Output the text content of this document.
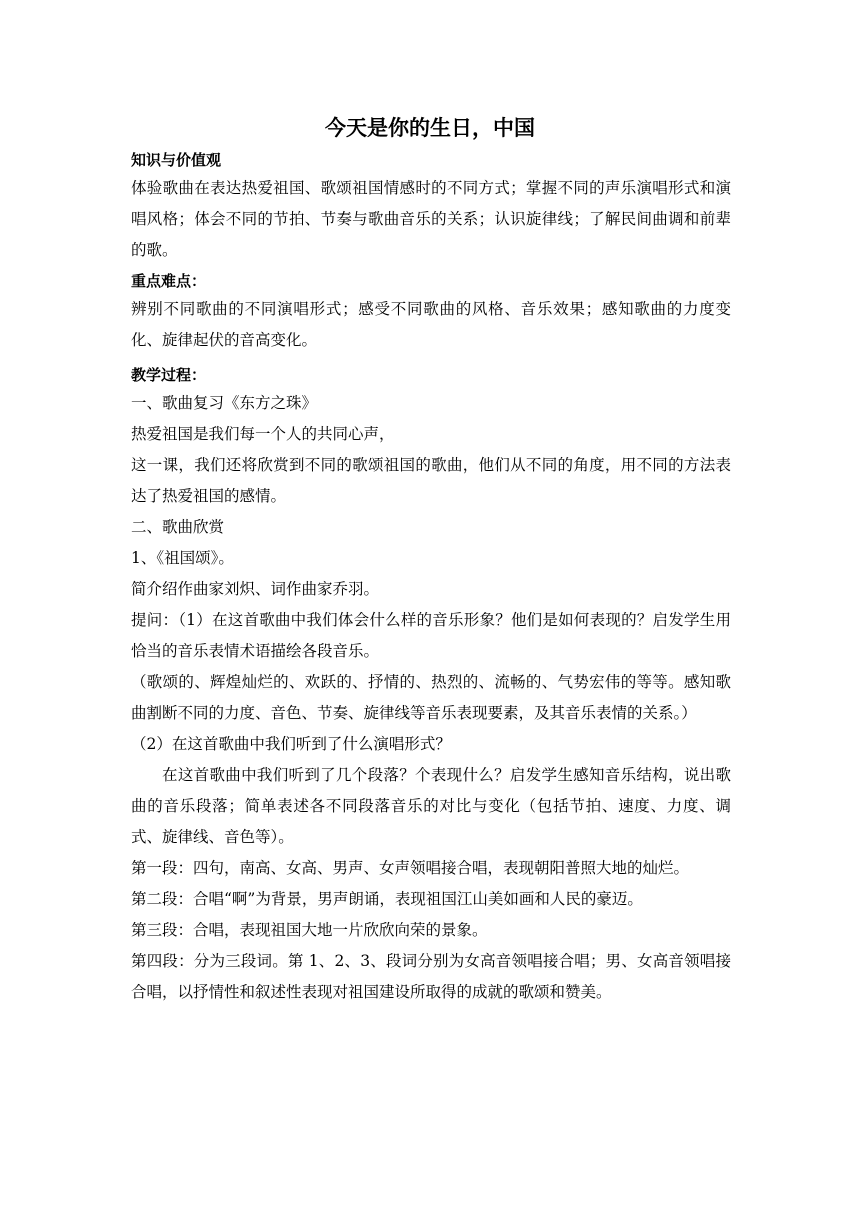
今天是你的生日，中国
知识与价值观

体验歌曲在表达热爱祖国、歌颂祖国情感时的不同方式；掌握不同的声乐演唱形式和演唱风格；体会不同的节拍、节奏与歌曲音乐的关系；认识旋律线；了解民间曲调和前辈的歌。

重点难点：

辨别不同歌曲的不同演唱形式；感受不同歌曲的风格、音乐效果；感知歌曲的力度变化、旋律起伏的音高变化。

教学过程：

一、歌曲复习《东方之珠》

热爱祖国是我们每一个人的共同心声，

这一课，我们还将欣赏到不同的歌颂祖国的歌曲，他们从不同的角度，用不同的方法表达了热爱祖国的感情。

二、歌曲欣赏

1、《祖国颂》。

简介绍作曲家刘炽、词作曲家乔羽。

提问：（1）在这首歌曲中我们体会什么样的音乐形象？他们是如何表现的？启发学生用恰当的音乐表情术语描绘各段音乐。

（歌颂的、辉煌灿烂的、欢跃的、抒情的、热烈的、流畅的、气势宏伟的等等。感知歌曲割断不同的力度、音色、节奏、旋律线等音乐表现要素，及其音乐表情的关系。）

（2）在这首歌曲中我们听到了什么演唱形式？

在这首歌曲中我们听到了几个段落？个表现什么？启发学生感知音乐结构，说出歌曲的音乐段落；简单表述各不同段落音乐的对比与变化（包括节拍、速度、力度、调式、旋律线、音色等）。

第一段：四句，南高、女高、男声、女声领唱接合唱，表现朝阳普照大地的灿烂。

第二段：合唱“啊”为背景，男声朗诵，表现祖国江山美如画和人民的豪迈。

第三段：合唱，表现祖国大地一片欣欣向荣的景象。

第四段：分为三段词。第 1、2、3、段词分别为女高音领唱接合唱；男、女高音领唱接合唱，以抒情性和叙述性表现对祖国建设所取得的成就的歌颂和赞美。
